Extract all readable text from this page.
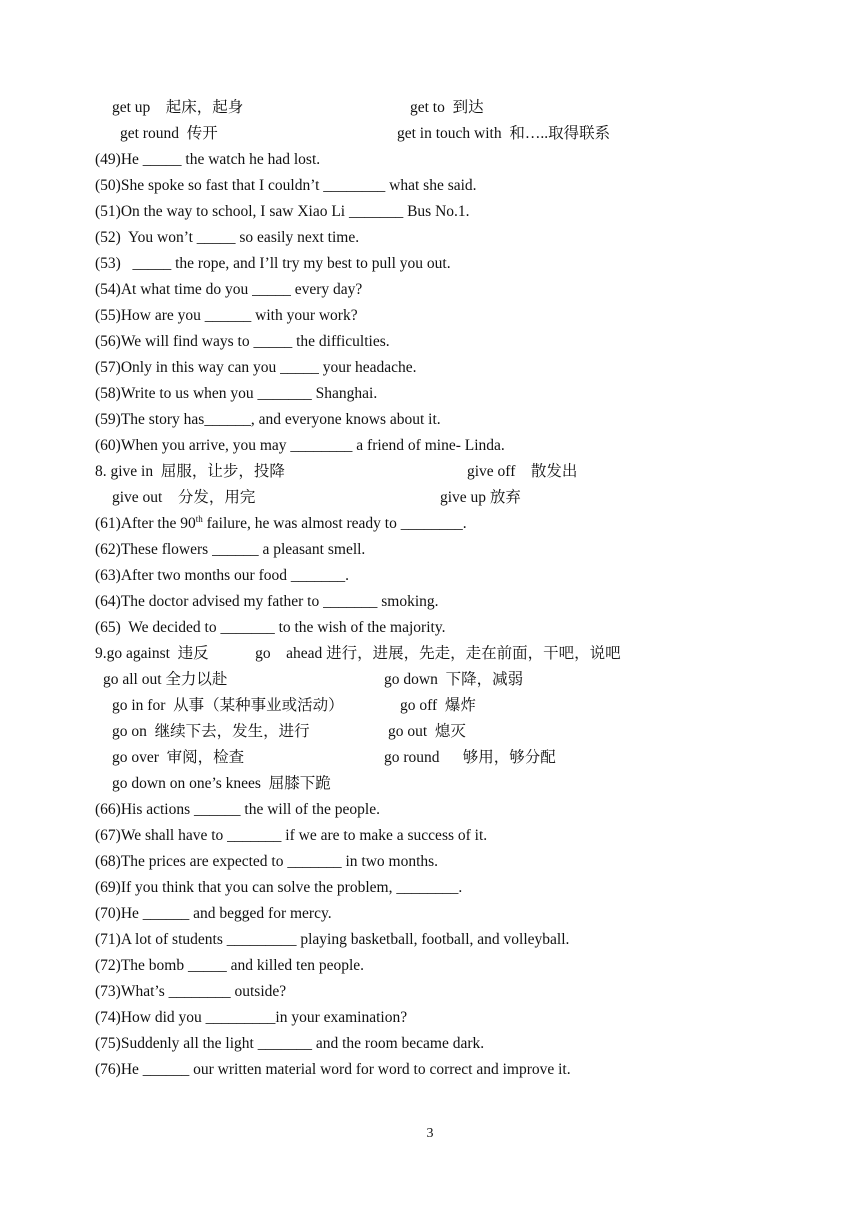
get up    起床，起身	get to  到达
get round  传开	get in touch with  和…..取得联系
(49)He _____ the watch he had lost.
(50)She spoke so fast that I couldn’t ________ what she said.
(51)On the way to school, I saw Xiao Li _______ Bus No.1.
(52)  You won’t _____ so easily next time.
(53)   _____ the rope, and I’ll try my best to pull you out.
(54)At what time do you _____ every day?
(55)How are you ______ with your work?
(56)We will find ways to _____ the difficulties.
(57)Only in this way can you _____ your headache.
(58)Write to us when you _______ Shanghai.
(59)The story has______, and everyone knows about it.
(60)When you arrive, you may ________ a friend of mine- Linda.
8. give in  屈服，让步，投降	give off    散发出
give out    分发，用完	give up 放弃
(61)After the 90th failure, he was almost ready to ________.
(62)These flowers ______ a pleasant smell.
(63)After two months our food _______.
(64)The doctor advised my father to _______ smoking.
(65)  We decided to _______ to the wish of the majority.
9.go against  违反            go    ahead 进行，进展，先走，走在前面，干吧，说吧
go all out 全力以赴	go down  下降，减弱
go in for  从事（某种事业或活动）	go off  爆炸
go on  继续下去，发生，进行	go out  熄灭
go over  审阅，检查	go round      够用，够分配
go down on one’s knees  屈膝下跪
(66)His actions ______ the will of the people.
(67)We shall have to _______ if we are to make a success of it.
(68)The prices are expected to _______ in two months.
(69)If you think that you can solve the problem, ________.
(70)He ______ and begged for mercy.
(71)A lot of students _________ playing basketball, football, and volleyball.
(72)The bomb _____ and killed ten people.
(73)What’s ________ outside?
(74)How did you _________in your examination?
(75)Suddenly all the light _______ and the room became dark.
(76)He ______ our written material word for word to correct and improve it.
3
